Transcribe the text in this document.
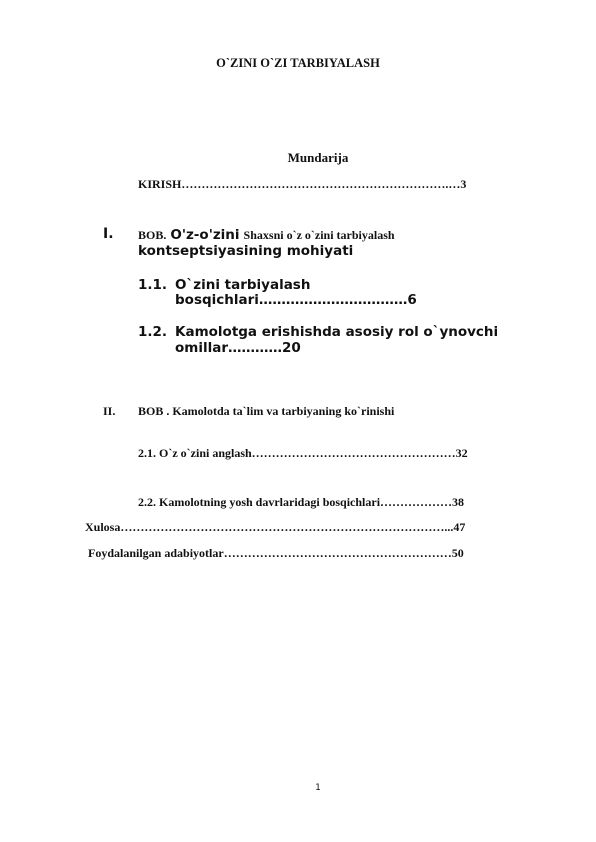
O`ZINI O`ZI TARBIYALASH
Mundarija
KIRISH………………………………………………………….…3
I. BOB. O'z-o'zini Shaxsni o`z o`zini tarbiyalash
kontseptsiyasining mohiyati
1.1. O`zini tarbiyalash
bosqichlari……………………………6
1.2. Kamolotga erishishda asosiy rol o`ynovchi
omillar…………20
II. BOB . Kamolotda ta`lim va tarbiyaning ko`rinishi
2.1. O`z o`zini anglash……………………………………………32
2.2. Kamolotning yosh davrlaridagi bosqichlari………………38
Xulosa………………………………………………………………………...47
Foydalanilgan adabiyotlar…………………………………………………50
1
